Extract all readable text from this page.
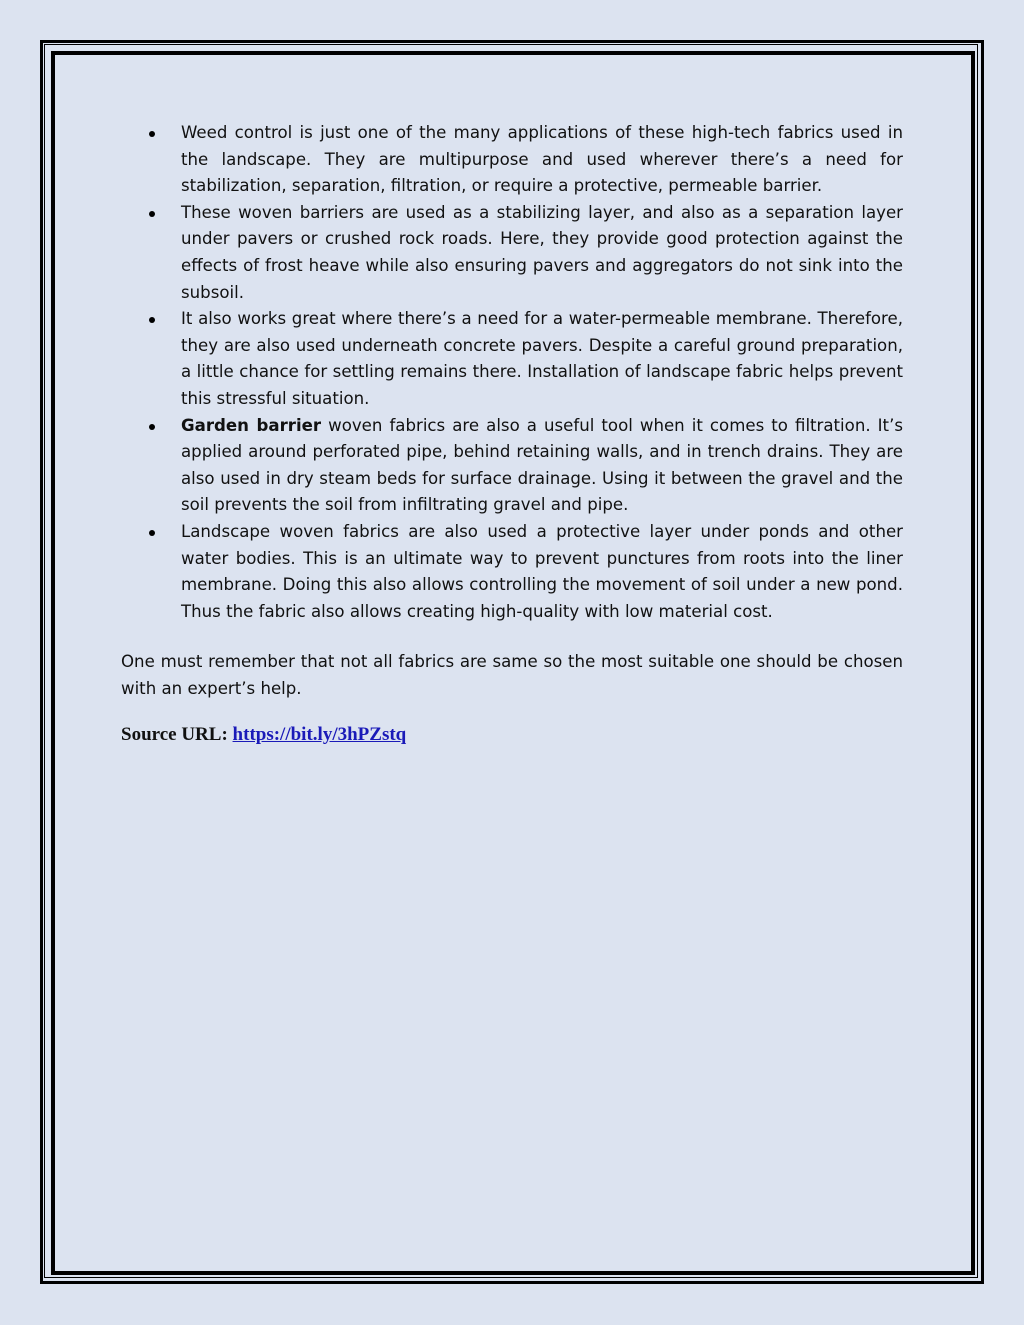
Weed control is just one of the many applications of these high-tech fabrics used in the landscape. They are multipurpose and used wherever there’s a need for stabilization, separation, filtration, or require a protective, permeable barrier.
These woven barriers are used as a stabilizing layer, and also as a separation layer under pavers or crushed rock roads. Here, they provide good protection against the effects of frost heave while also ensuring pavers and aggregators do not sink into the subsoil.
It also works great where there’s a need for a water-permeable membrane. Therefore, they are also used underneath concrete pavers. Despite a careful ground preparation, a little chance for settling remains there. Installation of landscape fabric helps prevent this stressful situation.
Garden barrier woven fabrics are also a useful tool when it comes to filtration. It’s applied around perforated pipe, behind retaining walls, and in trench drains. They are also used in dry steam beds for surface drainage. Using it between the gravel and the soil prevents the soil from infiltrating gravel and pipe.
Landscape woven fabrics are also used a protective layer under ponds and other water bodies. This is an ultimate way to prevent punctures from roots into the liner membrane. Doing this also allows controlling the movement of soil under a new pond. Thus the fabric also allows creating high-quality with low material cost.

One must remember that not all fabrics are same so the most suitable one should be chosen with an expert’s help.

Source URL: https://bit.ly/3hPZstq
